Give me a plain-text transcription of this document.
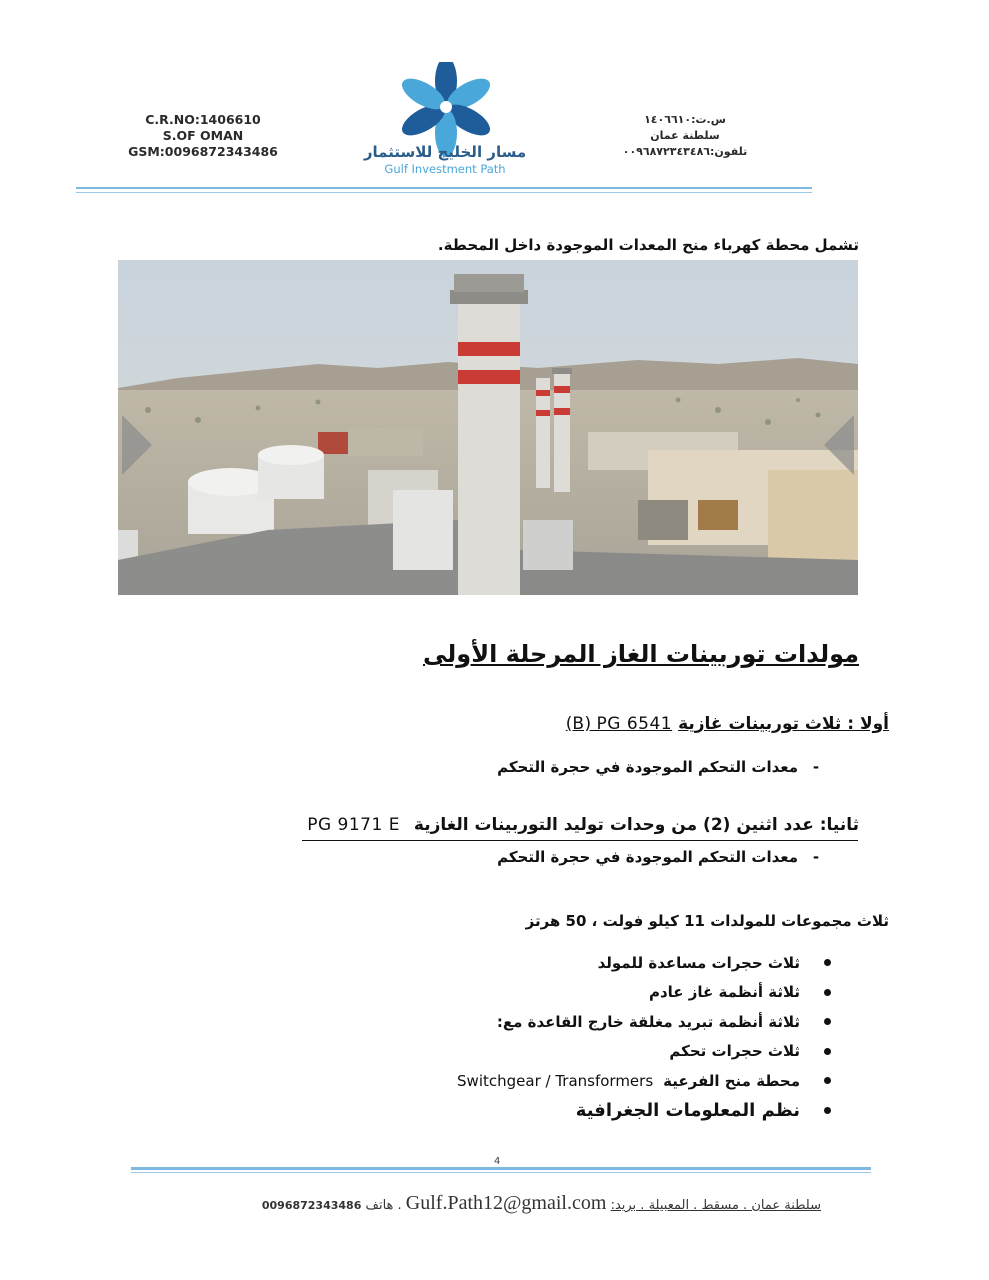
C.R.NO:1406610
S.OF OMAN
GSM:0096872343486	مسار الخليج للاستثمار
Gulf Investment Path
س.ت:١٤٠٦٦١٠
سلطنة عمان
تلفون:٠٠٩٦٨٧٢٣٤٣٤٨٦
تشمل محطة كهرباء منح المعدات الموجودة داخل المحطة.
مولدات توربينات الغاز المرحلة الأولى
أولا : ثلاث توربينات غازية (B) PG 6541
-معدات التحكم الموجودة في حجرة التحكم
ثانيا: عدد اثنين (2) من وحدات توليد التوربينات الغازية PG 9171 E
-معدات التحكم الموجودة في حجرة التحكم
ثلاث مجموعات للمولدات 11 كيلو فولت ، 50 هرتز
ثلاث حجرات مساعدة للمولد
ثلاثة أنظمة غاز عادم
ثلاثة أنظمة تبريد مغلقة خارج القاعدة مع:
ثلاث حجرات تحكم
محطة منح الفرعية
Switchgear / Transformers
نظم المعلومات الجغرافية
4
سلطنة عمان . مسقط . المعبيلة . بريد: Gulf.Path12@gmail.com . هاتف 0096872343486
